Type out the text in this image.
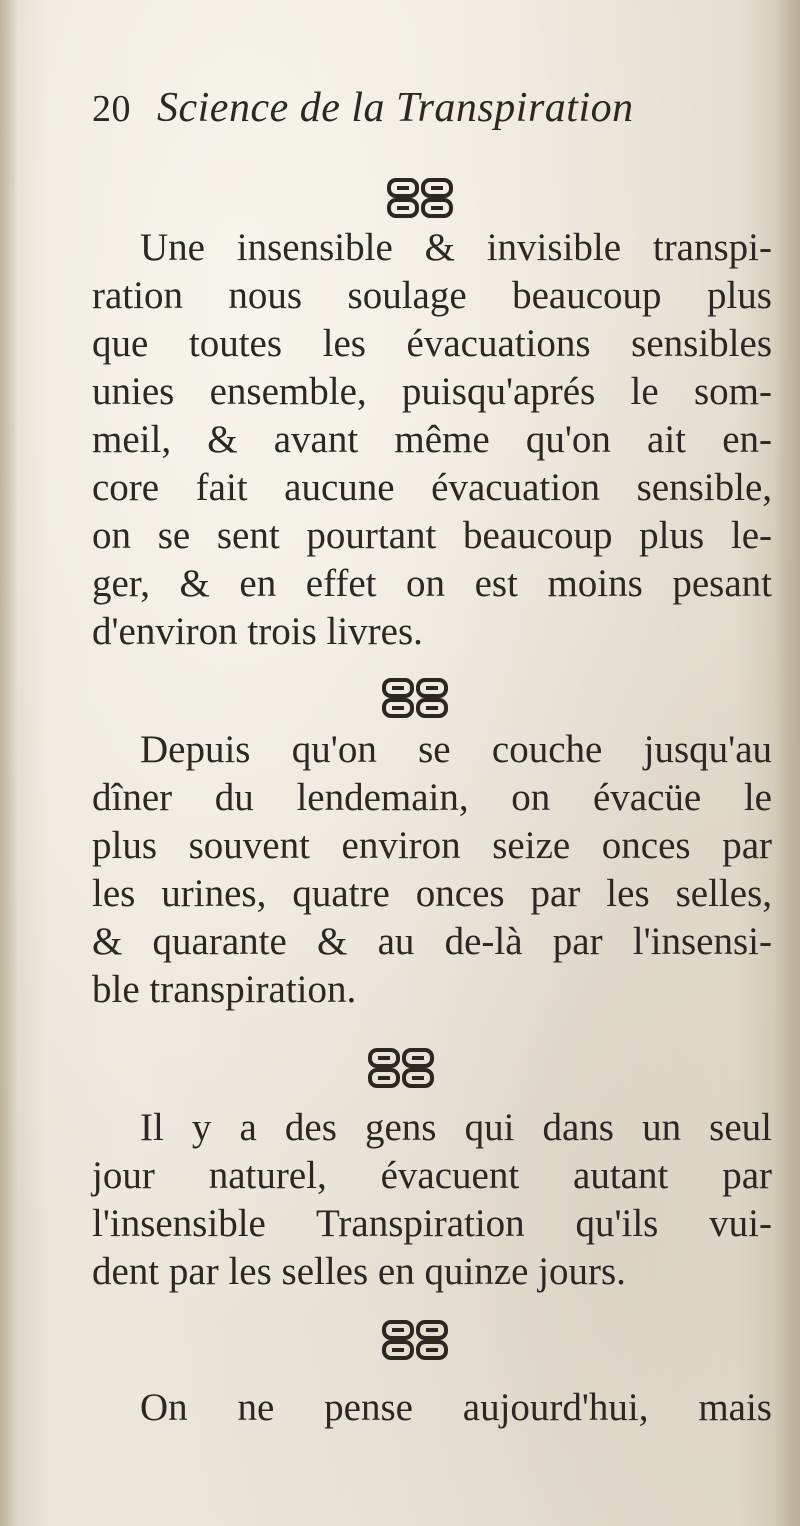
20 Science de la Transpiration
Une insensible & invisible transpi-
ration nous soulage beaucoup plus
que toutes les évacuations sensibles
unies ensemble, puisqu'aprés le som-
meil, & avant même qu'on ait en-
core fait aucune évacuation sensible,
on se sent pourtant beaucoup plus le-
ger, & en effet on est moins pesant
d'environ trois livres.
Depuis qu'on se couche jusqu'au
dîner du lendemain, on évacüe le
plus souvent environ seize onces par
les urines, quatre onces par les selles,
& quarante & au de-là par l'insensi-
ble transpiration.
Il y a des gens qui dans un seul
jour naturel, évacuent autant par
l'insensible Transpiration qu'ils vui-
dent par les selles en quinze jours.
On ne pense aujourd'hui, mais
